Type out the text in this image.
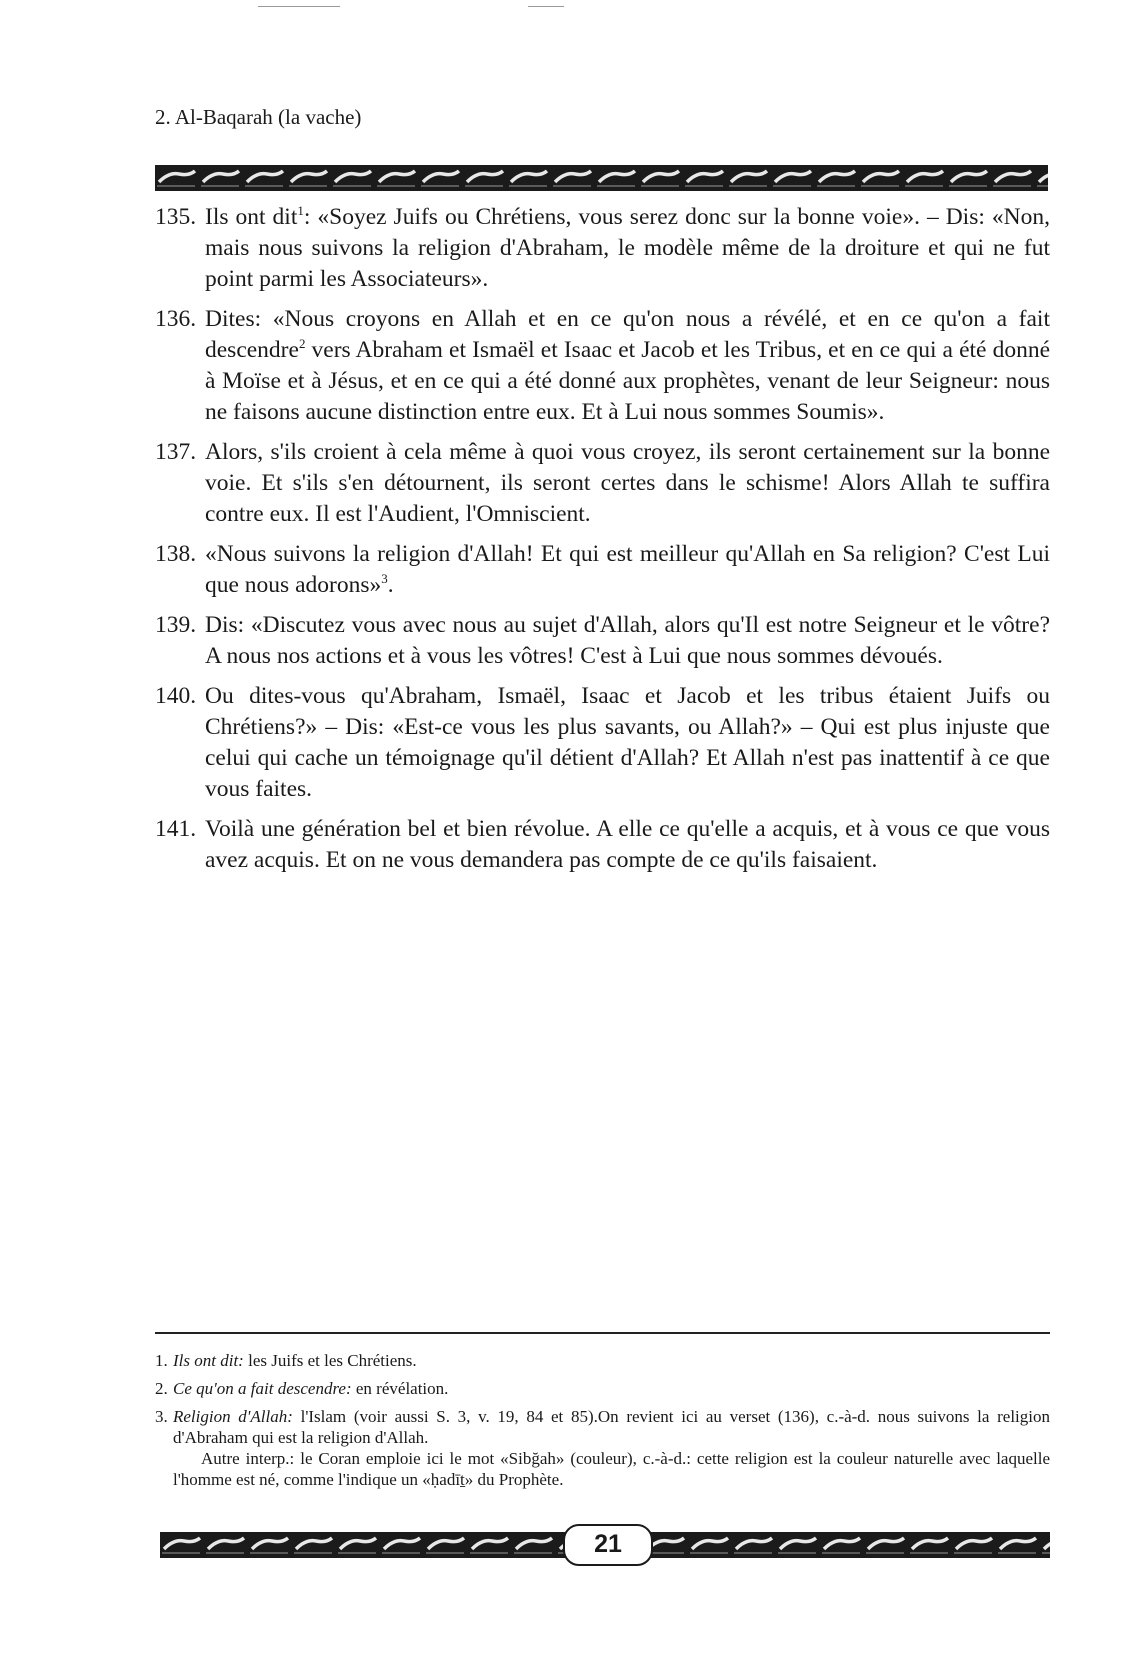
2. Al-Baqarah (la vache)
135. Ils ont dit$^1$: «Soyez Juifs ou Chrétiens, vous serez donc sur la bonne voie». – Dis: «Non, mais nous suivons la religion d'Abraham, le modèle même de la droiture et qui ne fut point parmi les Associateurs».
136. Dites: «Nous croyons en Allah et en ce qu'on nous a révélé, et en ce qu'on a fait descendre$^2$ vers Abraham et Ismaël et Isaac et Jacob et les Tribus, et en ce qui a été donné à Moïse et à Jésus, et en ce qui a été donné aux prophètes, venant de leur Seigneur: nous ne faisons aucune distinction entre eux. Et à Lui nous sommes Soumis».
137. Alors, s'ils croient à cela même à quoi vous croyez, ils seront certainement sur la bonne voie. Et s'ils s'en détournent, ils seront certes dans le schisme! Alors Allah te suffira contre eux. Il est l'Audient, l'Omniscient.
138. «Nous suivons la religion d'Allah! Et qui est meilleur qu'Allah en Sa religion? C'est Lui que nous adorons»$^3$.
139. Dis: «Discutez vous avec nous au sujet d'Allah, alors qu'Il est notre Seigneur et le vôtre? A nous nos actions et à vous les vôtres! C'est à Lui que nous sommes dévoués.
140. Ou dites-vous qu'Abraham, Ismaël, Isaac et Jacob et les tribus étaient Juifs ou Chrétiens?» – Dis: «Est-ce vous les plus savants, ou Allah?» – Qui est plus injuste que celui qui cache un témoignage qu'il détient d'Allah? Et Allah n'est pas inattentif à ce que vous faites.
141. Voilà une génération bel et bien révolue. A elle ce qu'elle a acquis, et à vous ce que vous avez acquis. Et on ne vous demandera pas compte de ce qu'ils faisaient.
1. Ils ont dit: les Juifs et les Chrétiens.
2. Ce qu'on a fait descendre: en révélation.
3. Religion d'Allah: l'Islam (voir aussi S. 3, v. 19, 84 et 85).On revient ici au verset (136), c.-à-d. nous suivons la religion d'Abraham qui est la religion d'Allah.
Autre interp.: le Coran emploie ici le mot «Sibğah» (couleur), c.-à-d.: cette religion est la couleur naturelle avec laquelle l'homme est né, comme l'indique un «ḥadīṯ» du Prophète.
21
